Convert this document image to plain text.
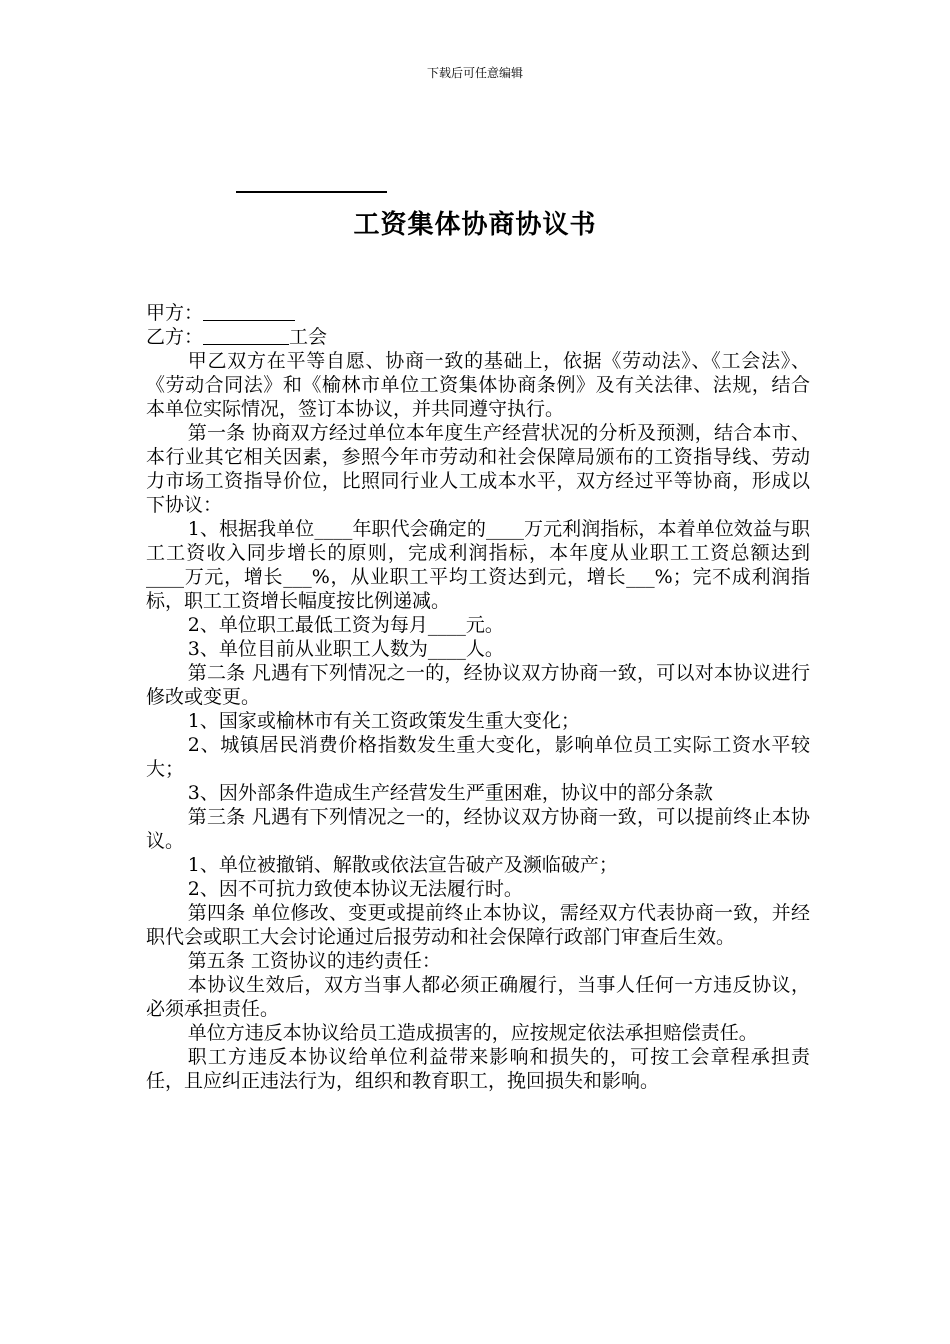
下载后可任意编辑
工资集体协商协议书

甲方：

乙方：	工会

甲乙双方在平等自愿、协商一致的基础上，依据《劳动法》、《工会法》、《劳动合同法》和《榆林市单位工资集体协商条例》及有关法律、法规，结合本单位实际情况，签订本协议，并共同遵守执行。

第一条 协商双方经过单位本年度生产经营状况的分析及预测，结合本市、本行业其它相关因素，参照今年市劳动和社会保障局颁布的工资指导线、劳动力市场工资指导价位，比照同行业人工成本水平，双方经过平等协商，形成以下协议：

1、根据我单位____年职代会确定的____万元利润指标，本着单位效益与职工工资收入同步增长的原则，完成利润指标，本年度从业职工工资总额达到____万元，增长___%，从业职工平均工资达到元，增长___%；完不成利润指标，职工工资增长幅度按比例递减。

2、单位职工最低工资为每月____元。

3、单位目前从业职工人数为____人。

第二条 凡遇有下列情况之一的，经协议双方协商一致，可以对本协议进行修改或变更。

1、国家或榆林市有关工资政策发生重大变化；

2、城镇居民消费价格指数发生重大变化，影响单位员工实际工资水平较大；

3、因外部条件造成生产经营发生严重困难，协议中的部分条款

第三条 凡遇有下列情况之一的，经协议双方协商一致，可以提前终止本协议。

1、单位被撤销、解散或依法宣告破产及濒临破产；

2、因不可抗力致使本协议无法履行时。

第四条 单位修改、变更或提前终止本协议，需经双方代表协商一致，并经职代会或职工大会讨论通过后报劳动和社会保障行政部门审查后生效。

第五条 工资协议的违约责任：

本协议生效后，双方当事人都必须正确履行，当事人任何一方违反协议，必须承担责任。

单位方违反本协议给员工造成损害的，应按规定依法承担赔偿责任。

职工方违反本协议给单位利益带来影响和损失的，可按工会章程承担责任，且应纠正违法行为，组织和教育职工，挽回损失和影响。
